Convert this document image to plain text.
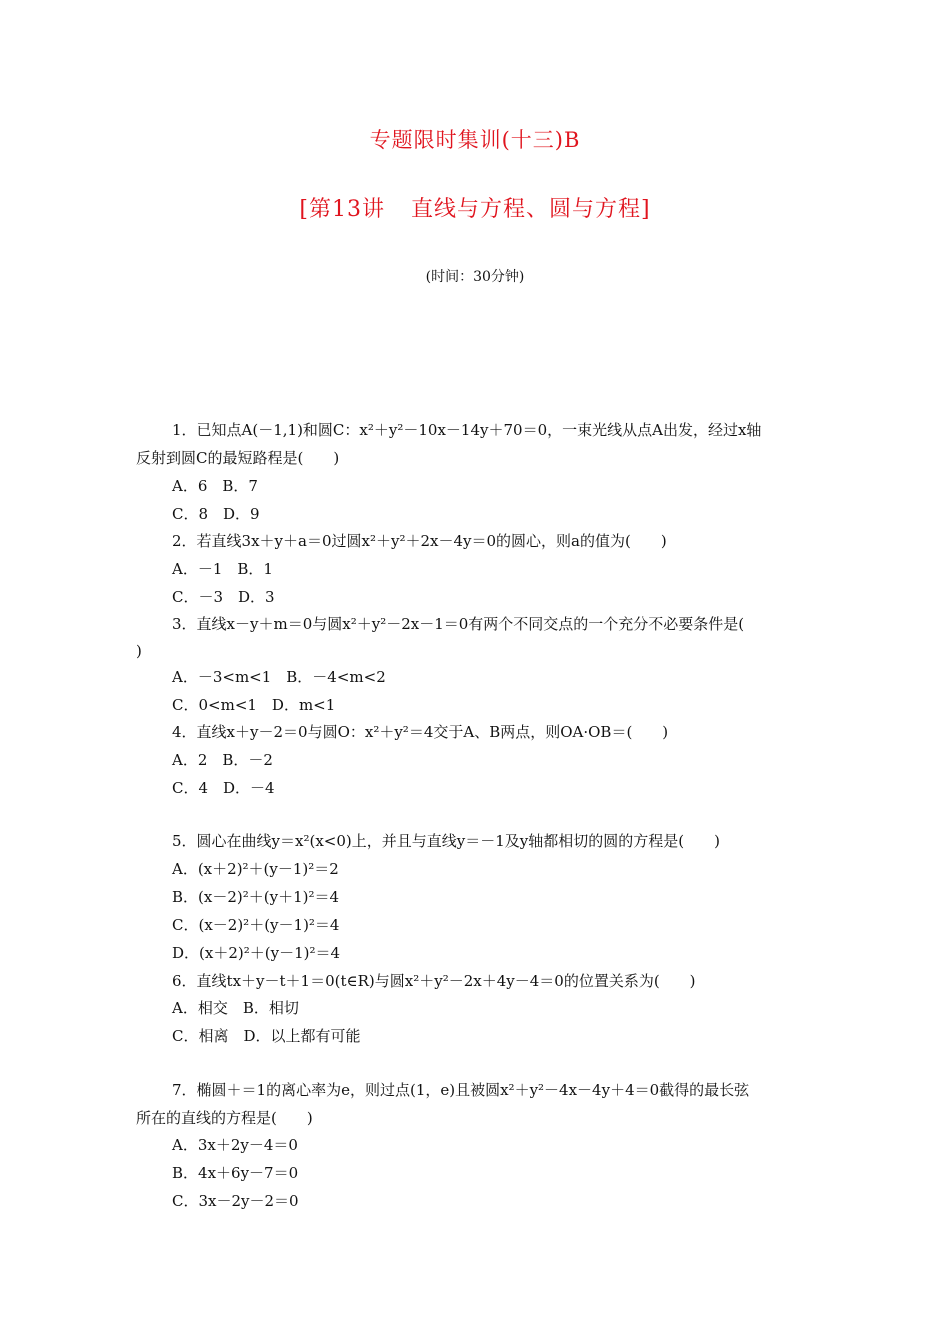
专题限时集训(十三)B
[第13讲 直线与方程、圆与方程]
(时间：30分钟)
1．已知点A(－1,1)和圆C：x²＋y²－10x－14y＋70＝0，一束光线从点A出发，经过x轴
反射到圆C的最短路程是(　　)
A．6　B．7
C．8　D．9
2．若直线3x＋y＋a＝0过圆x²＋y²＋2x－4y＝0的圆心，则a的值为(　　)
A．－1　B．1
C．－3　D．3
3．直线x－y＋m＝0与圆x²＋y²－2x－1＝0有两个不同交点的一个充分不必要条件是(
)
A．－3<m<1　B．－4<m<2
C．0<m<1　D．m<1
4．直线x＋y－2＝0与圆O：x²＋y²＝4交于A、B两点，则OA·OB＝(　　)
A．2　B．－2
C．4　D．－4
5．圆心在曲线y＝x²(x<0)上，并且与直线y＝－1及y轴都相切的圆的方程是(　　)
A．(x＋2)²＋(y－1)²＝2
B．(x－2)²＋(y＋1)²＝4
C．(x－2)²＋(y－1)²＝4
D．(x＋2)²＋(y－1)²＝4
6．直线tx＋y－t＋1＝0(t∈R)与圆x²＋y²－2x＋4y－4＝0的位置关系为(　　)
A．相交　B．相切
C．相离　D．以上都有可能
7．椭圆＋＝1的离心率为e，则过点(1，e)且被圆x²＋y²－4x－4y＋4＝0截得的最长弦
所在的直线的方程是(　　)
A．3x＋2y－4＝0
B．4x＋6y－7＝0
C．3x－2y－2＝0
